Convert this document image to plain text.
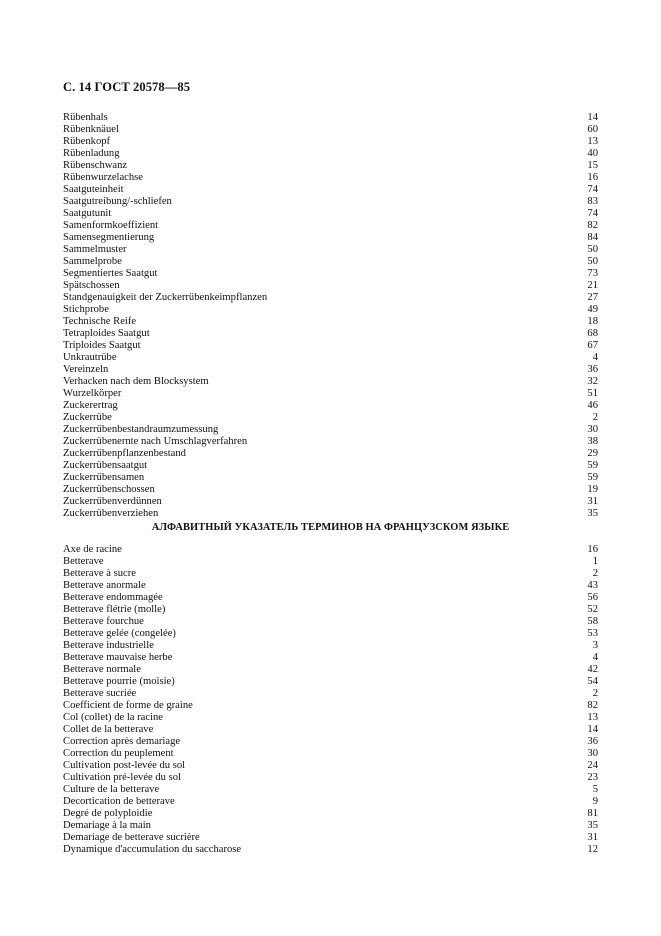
С. 14 ГОСТ 20578—85
Rübenhals	14
Rübenknäuel	60
Rübenkopf	13
Rübenladung	40
Rübenschwanz	15
Rübenwurzelachse	16
Saatguteinheit	74
Saatgutreibung/-schliefen	83
Saatgutunit	74
Samenformkoeffizient	82
Samensegmentierung	84
Sammelmuster	50
Sammelprobe	50
Segmentiertes Saatgut	73
Spätschossen	21
Standgenauigkeit der Zuckerrübenkeimpflanzen	27
Stichprobe	49
Technische Reife	18
Tetraploides Saatgut	68
Triploides Saatgut	67
Unkrautrübe	4
Vereinzeln	36
Verhacken nach dem Blocksystem	32
Wurzelkörper	51
Zuckerertrag	46
Zuckerrübe	2
Zuckerrübenbestandraumzumessung	30
Zuckerrübenernte nach Umschlagverfahren	38
Zuckerrübenpflanzenbestand	29
Zuckerrübensaatgut	59
Zuckerrübensamen	59
Zuckerrübenschossen	19
Zuckerrübenverdünnen	31
Zuckerrübenverziehen	35
АЛФАВИТНЫЙ УКАЗАТЕЛЬ ТЕРМИНОВ НА ФРАНЦУЗСКОМ ЯЗЫКЕ
Axe de racine	16
Betterave	1
Betterave à sucre	2
Betterave anormale	43
Betterave endommagée	56
Betterave flétrie (molle)	52
Betterave fourchue	58
Betterave gelée (congelée)	53
Betterave industrielle	3
Betterave mauvaise herbe	4
Betterave normale	42
Betterave pourrie (moisie)	54
Betterave sucriée	2
Coefficient de forme de graine	82
Col (collet) de la racine	13
Collet de la betterave	14
Correction après demariage	36
Correction du peuplement	30
Cultivation post-levée du sol	24
Cultivation pré-levée du sol	23
Culture de la betterave	5
Decortication de betterave	9
Degré de polyploidie	81
Demariage à la main	35
Demariage de betterave sucrière	31
Dynamique d'accumulation du saccharose	12
